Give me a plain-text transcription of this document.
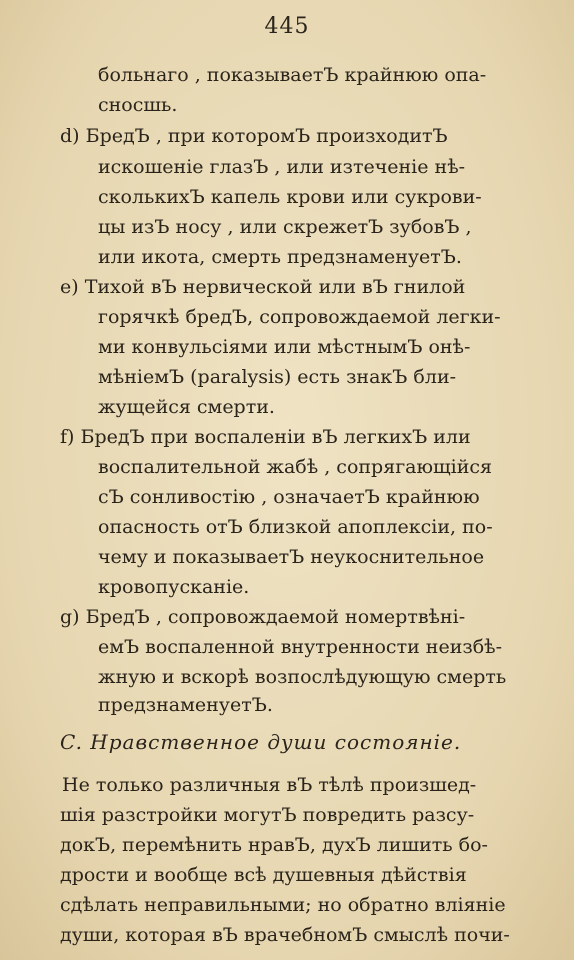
445
больнаго , показываетЪ крайнюю опа-
сносшь.
d) БредЪ , при которомЪ произходитЪ
искошеніе глазЪ , или изтеченіе нѣ-
сколькихЪ капель крови или сукрови-
цы изЪ носу , или скрежетЪ зубовЪ ,
или икота, смерть предзнаменуетЪ.
e) Тихой вЪ нервической или вЪ гнилой
горячкѣ бредЪ, сопровождаемой легки-
ми конвульсіями или мѣстнымЪ онѣ-
мѣніемЪ (paralysis) есть знакЪ бли-
жущейся смерти.
f) БредЪ при воспаленіи вЪ легкихЪ или
воспалительной жабѣ , сопрягающійся
сЪ сонливостію , означаетЪ крайнюю
опасность отЪ близкой апоплексіи, по-
чему и показываетЪ неукоснительное
кровопусканіе.
g) БредЪ , сопровождаемой номертвѣні-
емЪ воспаленной внутренности неизбѣ-
жную и вскорѣ возпослѣдующую смерть
предзнаменуетЪ.
C. Нравственное души состояніе.
Не только различныя вЪ тѣлѣ произшед-
шія разстройки могутЪ повредить разсу-
докЪ, перемѣнить нравЪ, духЪ лишить бо-
дрости и вообще всѣ душевныя дѣйствія
сдѣлать неправильными; но обратно вліяніе
души, которая вЪ врачебномЪ смыслѣ почи-
